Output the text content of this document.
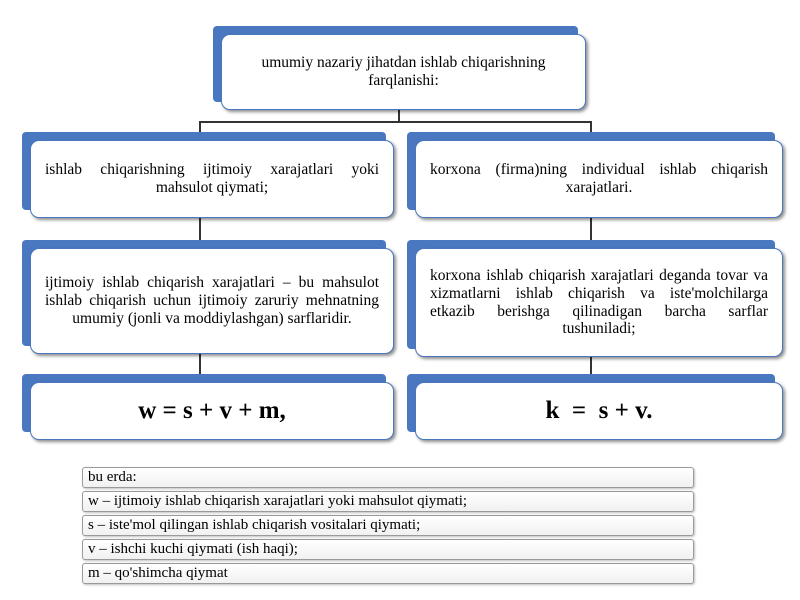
umumiy nazariy jihatdan ishlab chiqarishning farqlanishi:
ishlab chiqarishning ijtimoiy xarajatlari yoki mahsulot qiymati;
korxona (firma)ning individual ishlab chiqarish xarajatlari.
ijtimoiy ishlab chiqarish xarajatlari – bu mahsulot ishlab chiqarish uchun ijtimoiy zaruriy mehnatning umumiy (jonli va moddiylashgan) sarflaridir.
korxona ishlab chiqarish xarajatlari deganda tovar va xizmatlarni ishlab chiqarish va iste'molchilarga etkazib berishga qilinadigan barcha sarflar tushuniladi;
w = s + v + m,	k  =  s + v.
bu erda:
w – ijtimoiy ishlab chiqarish xarajatlari yoki mahsulot qiymati;
s – iste'mol qilingan ishlab chiqarish vositalari qiymati;
v – ishchi kuchi qiymati (ish haqi);
m – qo'shimcha qiymat
